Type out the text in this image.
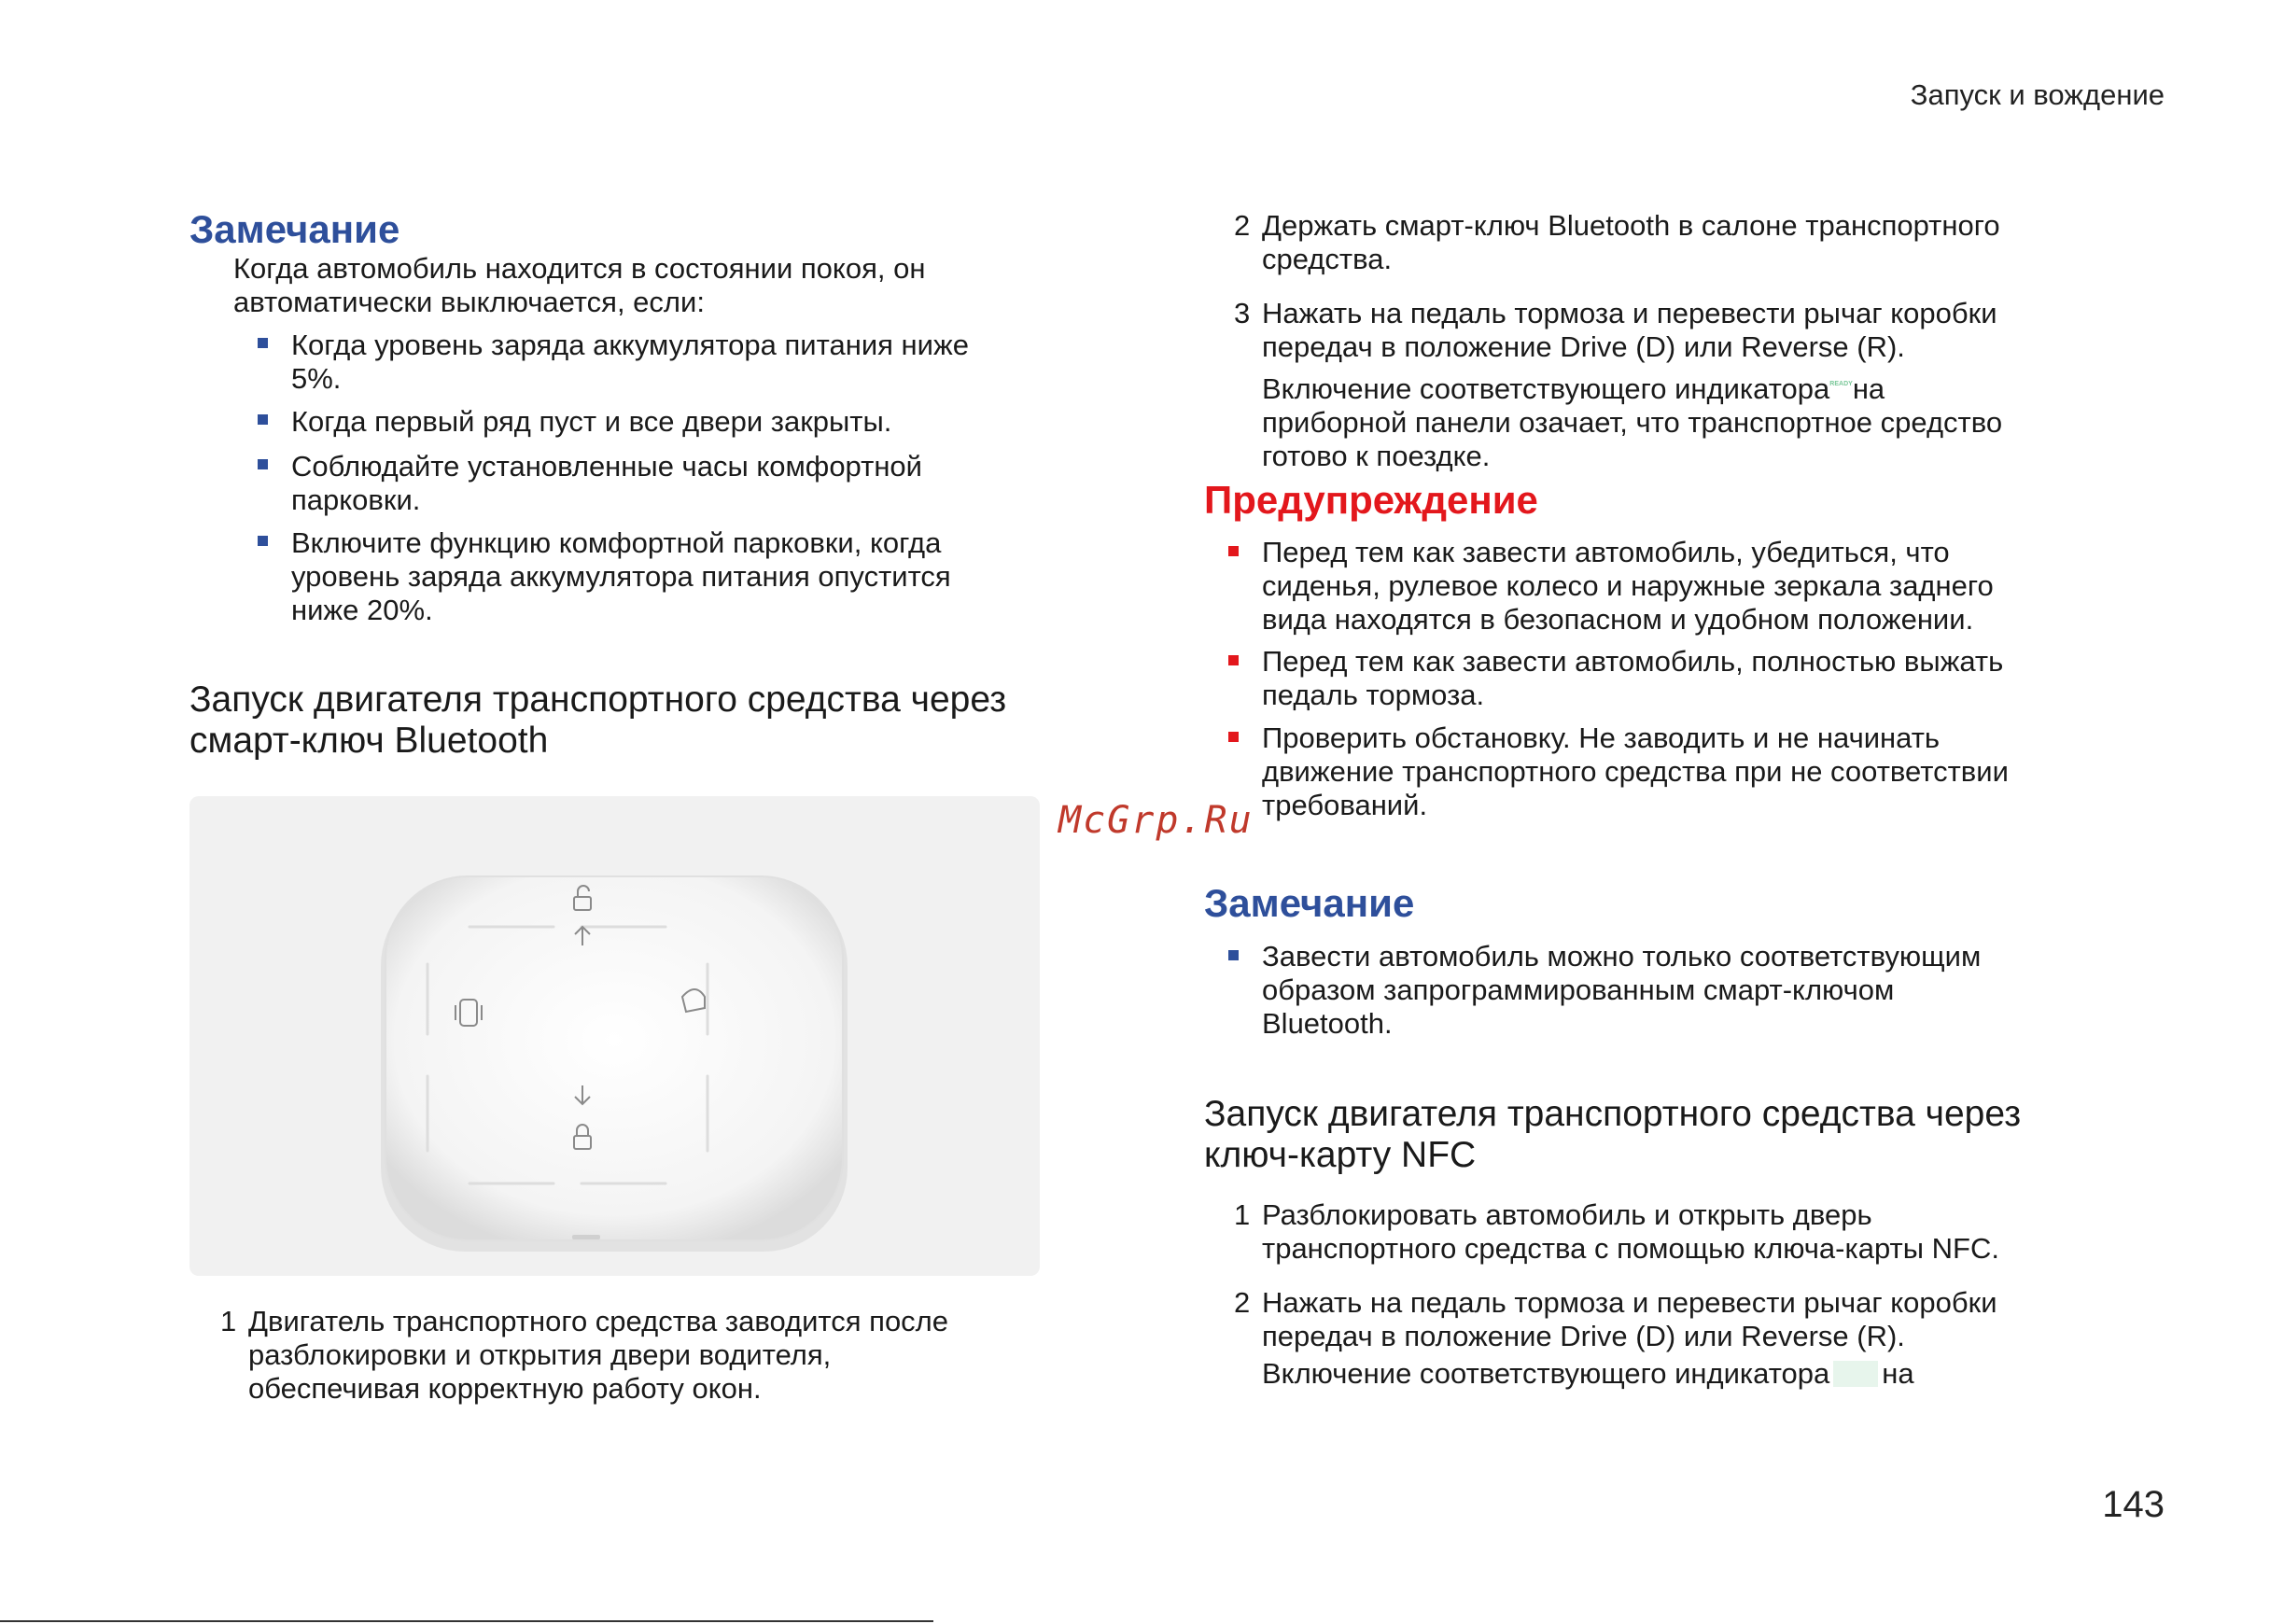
Запуск и вождение
Замечание
Когда автомобиль находится в состоянии покоя, он
автоматически выключается, если:
Когда уровень заряда аккумулятора питания ниже
5%.
Когда первый ряд пуст и все двери закрыты.
Соблюдайте установленные часы комфортной
парковки.
Включите функцию комфортной парковки, когда
уровень заряда аккумулятора питания опустится
ниже 20%.
Запуск двигателя транспортного средства через
смарт-ключ Bluetooth
1 Двигатель транспортного средства заводится после
разблокировки и открытия двери водителя,
обеспечивая корректную работу окон.
McGrp.Ru
2 Держать смарт-ключ Bluetooth в салоне транспортного
средства.
3 Нажать на педаль тормоза и перевести рычаг коробки
передач в положение Drive (D) или Reverse (R).
Включение соответствующего индикатораREADYна
приборной панели озачает, что транспортное средство
готово к поездке.
Предупреждение
Перед тем как завести автомобиль, убедиться, что
сиденья, рулевое колесо и наружные зеркала заднего
вида находятся в безопасном и удобном положении.
Перед тем как завести автомобиль, полностью выжать
педаль тормоза.
Проверить обстановку. Не заводить и не начинать
движение транспортного средства при не соответствии
требований.
Замечание
Завести автомобиль можно только соответствующим
образом запрограммированным смарт-ключом
Bluetooth.
Запуск двигателя транспортного средства через
ключ-карту NFC
1 Разблокировать автомобиль и открыть дверь
транспортного средства с помощью ключа-карты NFC.
2 Нажать на педаль тормоза и перевести рычаг коробки
передач в положение Drive (D) или Reverse (R).
Включение соответствующего индикатора на
143
